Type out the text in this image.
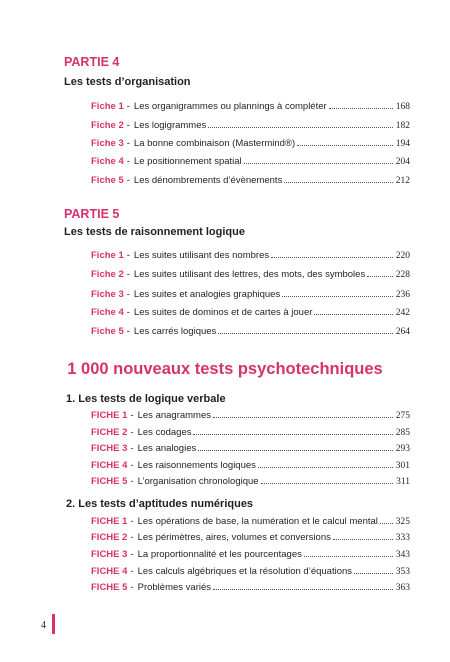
PARTIE 4
Les tests d’organisation
Fiche 1 - Les organigrammes ou plannings à compléter	168
Fiche 2 - Les logigrammes	182
Fiche 3 - La bonne combinaison (Mastermind®)	194
Fiche 4 - Le positionnement spatial	204
Fiche 5 - Les dénombrements d’évènements	212
PARTIE 5
Les tests de raisonnement logique
Fiche 1 - Les suites utilisant des nombres	220
Fiche 2 - Les suites utilisant des lettres, des mots, des symboles	228
Fiche 3 - Les suites et analogies graphiques	236
Fiche 4 - Les suites de dominos et de cartes à jouer	242
Fiche 5 - Les carrés logiques	264
1 000 nouveaux tests psychotechniques
1. Les tests de logique verbale
FICHE 1 - Les anagrammes	275
FICHE 2 - Les codages	285
FICHE 3 - Les analogies	293
FICHE 4 - Les raisonnements logiques	301
FICHE 5 - L’organisation chronologique	311
2. Les tests d’aptitudes numériques
FICHE 1 - Les opérations de base, la numération et le calcul mental 325
FICHE 2 - Les périmètres, aires, volumes et conversions	333
FICHE 3 - La proportionnalité et les pourcentages	343
FICHE 4 - Les calculs algébriques et la résolution d’équations	353
FICHE 5 - Problèmes variés	363
4
